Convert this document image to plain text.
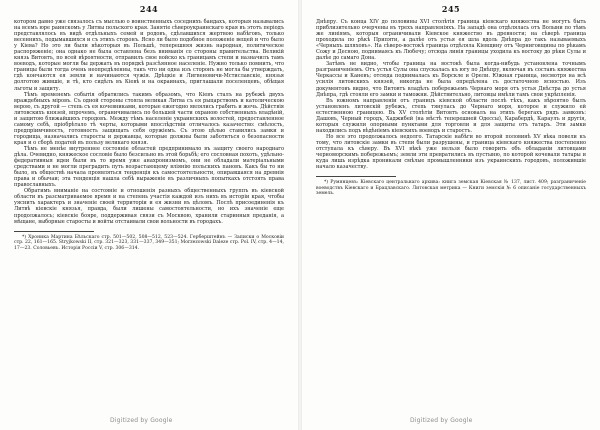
244

котором давно уже связалось съ мыслью о воинственныхъ соседнихъ бандахъ, которыя назывались на всемъ юре раинскомъ у Литвы польского края. Занятіе сѣвероукраинскаго края въ этотъ періодъ представлялось въ видѣ отдѣльныхъ семей и родовъ, сдѣлавшихся жертвою набѣговъ, только весеннихъ, подымавшихся и съ этихъ сторонъ. Ясно ли было подобное положеніе вещей и что было у Кіева? Но это ли были нѣкоторыя въ Польшѣ, теперешняя жизнь народная, политическое распоряженіе; она однако не была оставлена безъ вниманія со стороны правительства. Великій князь Витовтъ, по всей вѣроятности, отправилъ свое войско къ границамъ степи и назначилъ тамъ воеводъ, которые могли бы держать въ порядкѣ разсѣянное населеніе. Нужно только помнить, что границы были тогда очень неопредѣленны, такъ что ни одна изъ сторонъ не могла бы утверждать, гдѣ кончаются ея земли и начинаются чужія. Дрѣцкіе и Лигвеновичи-Мстиславскіе, князья долготою жившіе, и тѣ, кто сидѣлъ въ Кіевѣ и на окраинахъ, приглашали поселенцевъ, обѣщая льготы и защиту.

Тѣмъ временемъ событія обратились такимъ образомъ, что Кіевъ сталъ на рубежѣ двухъ враждебныхъ міровъ. Съ одной стороны стояла великая Литва съ ея рыцарствомъ и католическою верою, съ другой — степь съ ея кочевниками, которые ежегодно являлись грабить и жечь. Дѣйствія литовскихъ князей, впрочемъ, ограничивались по большей части охраною собственныхъ владѣній, и защитою ближайшихъ городовъ. Между тѣмъ населеніе украинскихъ волостей, предоставленное самому себѣ, пріобрѣтало тѣ черты, которыми впослѣдствіи отличалось казачество: смѣлость, предпріимчивость, готовность защищать себя оружіемъ. Съ этою цѣлью ставились замки и городища, назначались старосты и державцы, которые должны были заботиться о безопасности края и о сборѣ податей въ пользу великаго князя.

Тѣмъ не менѣе внутреннее состояніе областей предпринимало въ защиту своего народнаго дѣла. Очевидно, княжеское сословіе было безсильно въ этой борьбѣ; его сословная похоть, удѣльно-федеративныя идеи были въ то время уже анахронизмомъ, они не обладали матеріальными средствами и не могли преградить путь возрастающему вліянію польскихъ пановъ. Какъ бы то ни было, въ обществѣ начала проявляться тенденція къ самостоятельности, опиравшаяся на древнія права и обычаи; эта тенденція нашла себѣ выраженіе въ различныхъ попыткахъ отстоять права православныхъ.

Обратимъ вниманіе на состояніе и отношенія разныхъ общественныхъ группъ въ кіевской области въ разсматриваемое время и на степень участія каждой изъ нихъ въ исторіи края, чтобы уяснить характеръ и значеніе своей территоріи и ея жизни въ цѣломъ. Послѣ присоединенія къ Литвѣ кіевскіе князья, правда, были лишены самостоятельности, но ихъ значеніе еще продолжалось; кіевскіе бояре, поддерживая связи съ Москвою, хранили старинныя преданія, а мѣщане, выборные старосты и войты отстаивали свои вольности въ городахъ.

*) Хроника Мартина Бѣльскаго стр. 501—502, 508—512, 523—524. Герберштейнъ — Записки о Московіи стр. 22, 161—165. Stryjkowski II, стр. 321—323, 331—337, 349—351; Morzezowski Daleze стр. Pol. IV, стр. 4—14, 17—23. Соловьевъ. Исторія Россіи V, стр. 306—314.

Digitized by Google
245

Днѣпру. Съ конца XIV до половины XVI столѣтія граница кіевскаго княжества не могутъ быть приблизительно очерчены въ трехъ направленіяхъ. На западѣ она отдѣлялась отъ Волыни по тѣмъ же линіямъ, которыя ограничивали Кіевское княжество въ древности; на сѣверѣ граница проходила по рѣкѣ Припяти, а далѣе отъ устья ея шла вдоль Днѣпра до такъ называемыхъ «Черныхъ шляховъ». На сѣверо-востокѣ граница отдѣляла Кіевщину отъ Черниговщины по рѣкамъ Сожу и Десною, поднимаясь къ Любечу; отсюда линія границы уходила къ востоку до рѣки Сулы и далѣе до самаго Дона.

Затѣмъ не видно, чтобы граница на востокѣ была когда-нибудь установлена точнымъ разграниченіемъ. Отъ устья Сулы она спускалась къ югу по Днѣпру, включая въ составъ княжества Черкассы и Каневъ; отсюда поднималась къ Ворскле и Орели. Южная граница, несмотря на всѣ усилія литовскихъ князей, никогда не была опредѣлена съ достаточною ясностью. Изъ документовъ видно, что Витовтъ владѣлъ побережьемъ Чернаго моря отъ устья Днѣстра до устья Днѣпра, гдѣ стояли его замки и таможни. Дѣйствительно, литовцы имѣли тамъ свои укрѣпленія.

Въ южномъ направленіи отъ границъ кіевской области послѣ тѣхъ, какъ вѣроятно былъ установленъ литовскій рубежъ, степь тянулась до Чернаго моря, которое и служило ей естественною границею. Въ XV столѣтіи Витовтъ основалъ на этихъ берегахъ рядъ замковъ: Дашовъ, Черный городъ, Хаджибей (на мѣстѣ теперешней Одессы), Карабердѣ, Караулъ и другія, которыя служили опорными пунктами для торговли и для защиты отъ татаръ. Эти замки находились подъ вѣдѣніемъ кіевскихъ воеводъ и старостъ.

Но все это продолжалось недолго. Татарскіе набѣги во второй половинѣ XV вѣка повели къ тому, что литовскіе замки въ степи были разрушены, и граница кіевскаго княжества постепенно отступала къ сѣверу. Въ XVI вѣкѣ уже нельзя было говорить объ обладаніи литовцами черноморскимъ побережьемъ; земли эти превратились въ пустыню, по которой кочевали татары и куда лишь изрѣдка проникали смѣлые промышленники изъ украинскихъ городовъ, положившіе начало казачеству.

*) Румянцевъ: Кіевскаго центральнаго архива: книга земская Кіевская № 137, лист. 409; разграниченіе воеводствъ Кіевскаго и Брацлавскаго. Литовская метрика — Книги земскія № 6 описаніе государственныхъ земель.

Digitized by Google
